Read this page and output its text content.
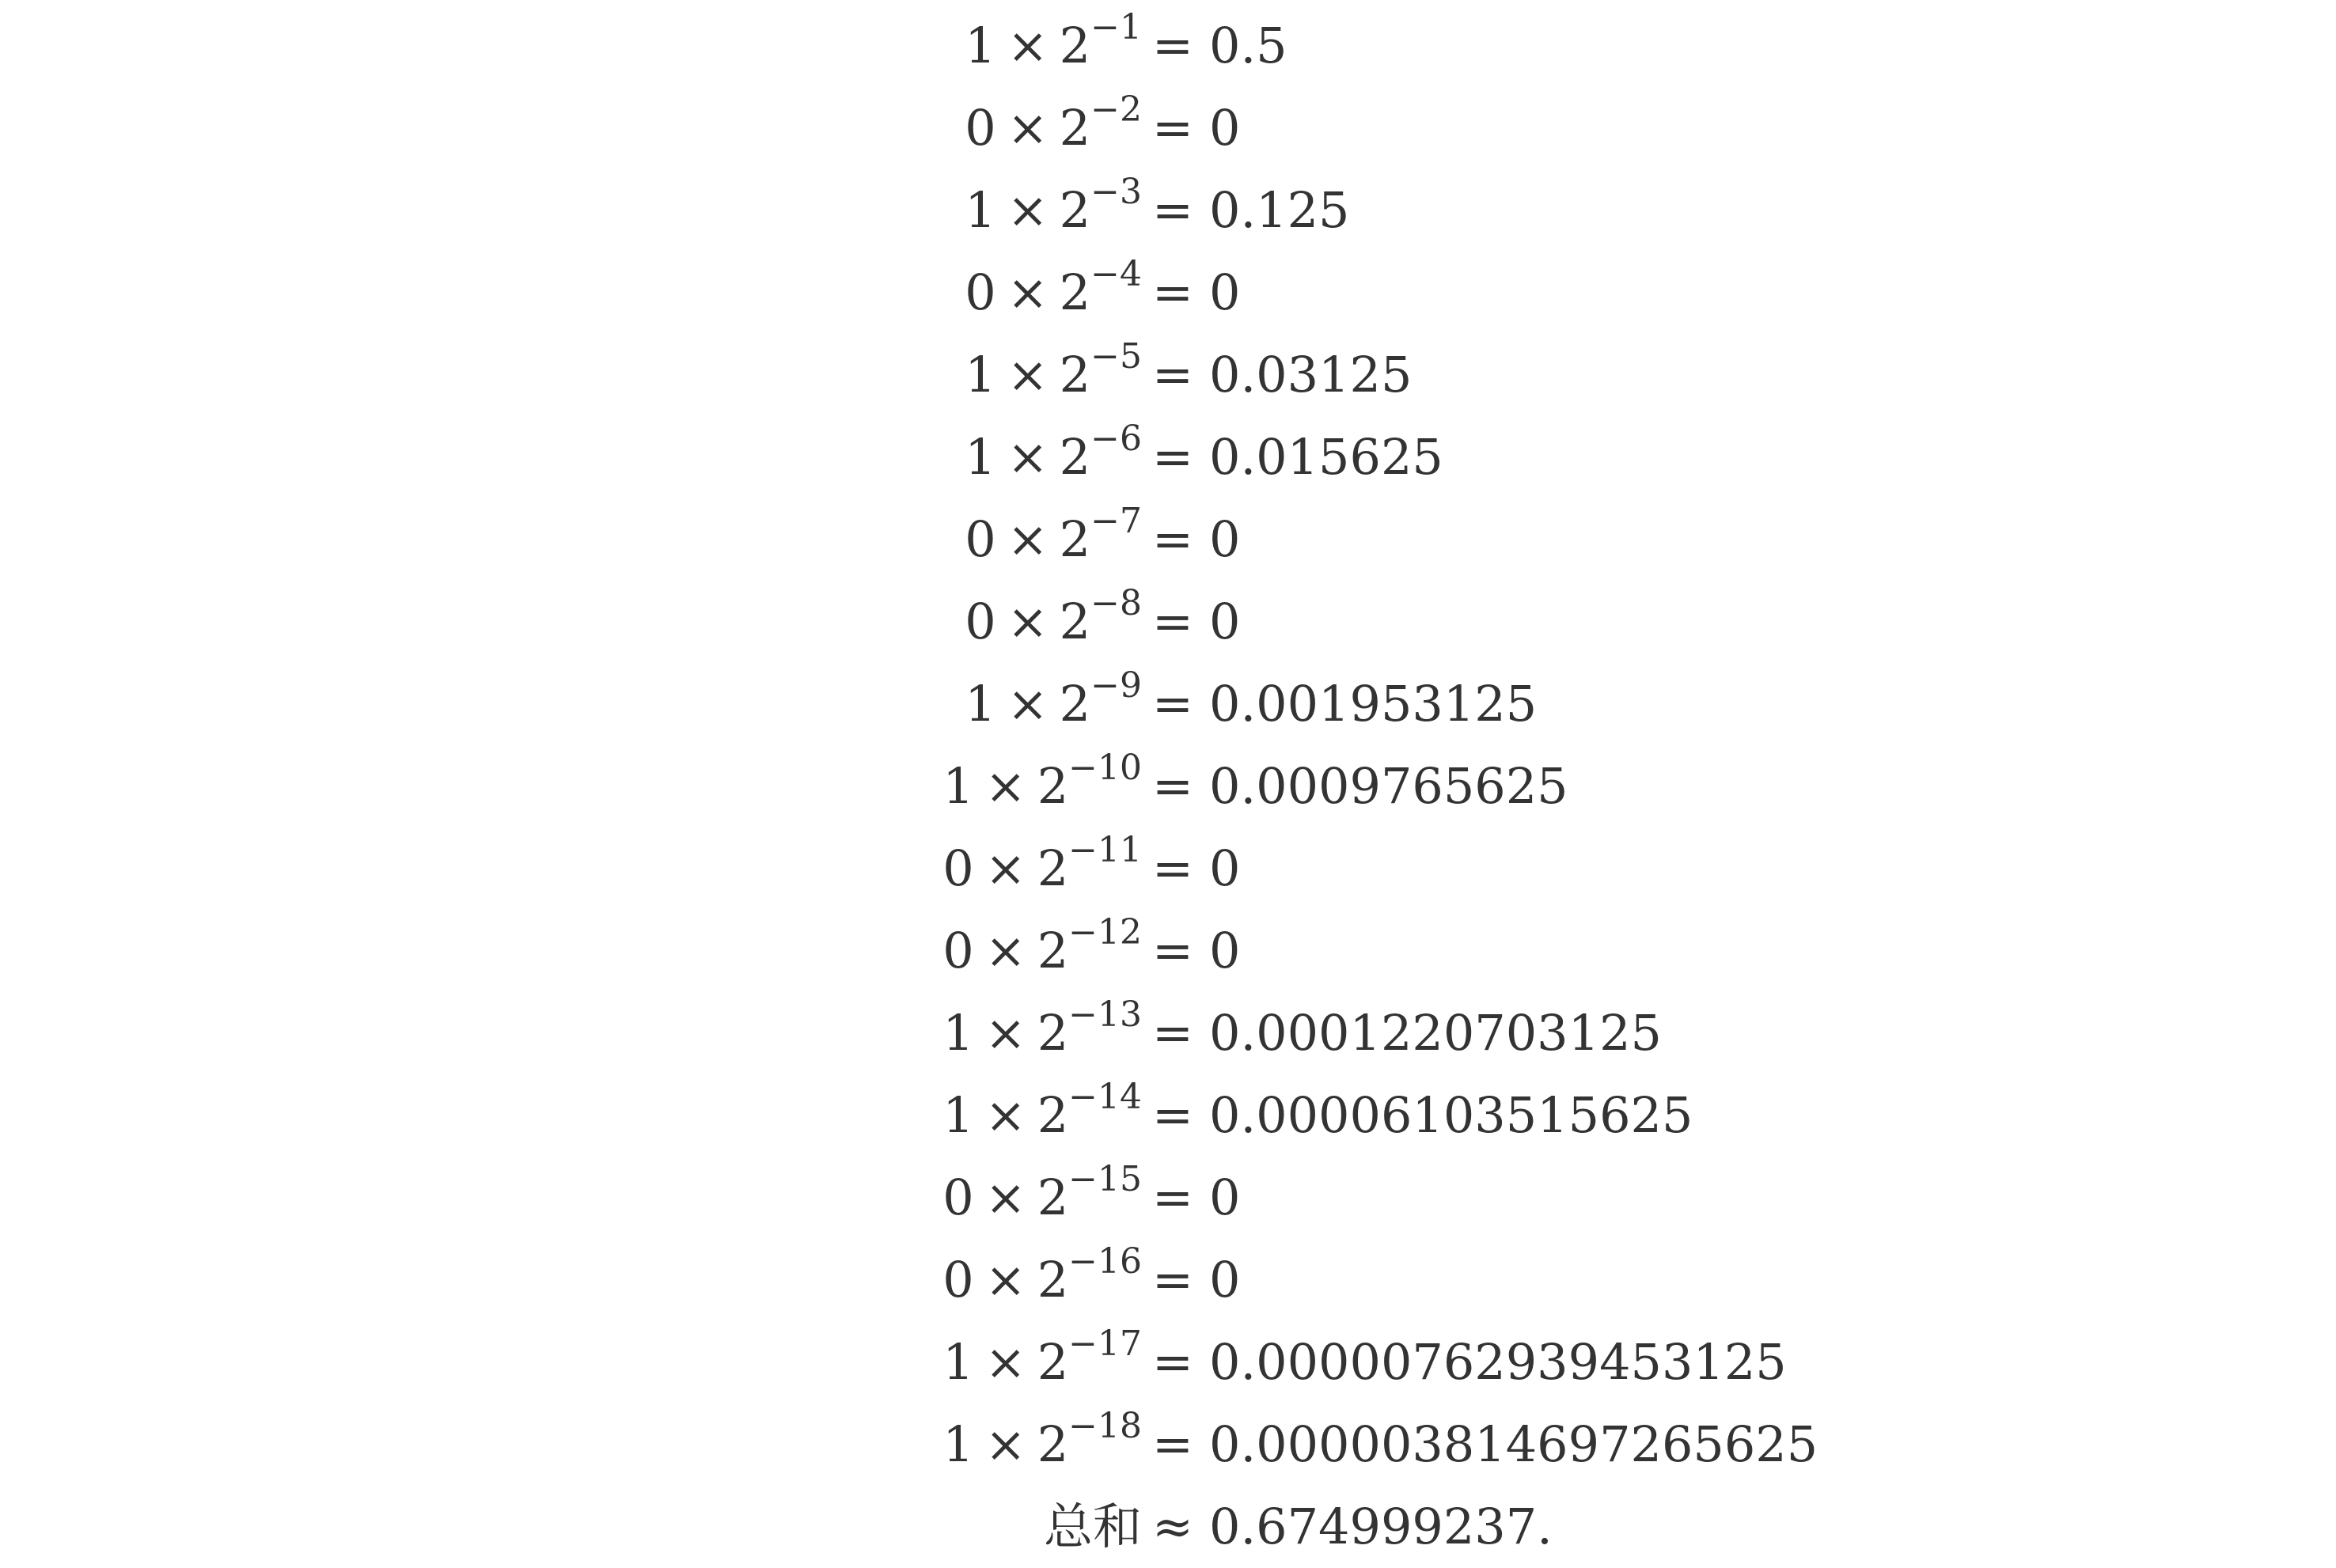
$1 \times 2^{-1} = 0.5$
$0 \times 2^{-2} = 0$
$1 \times 2^{-3} = 0.125$
$0 \times 2^{-4} = 0$
$1 \times 2^{-5} = 0.03125$
$1 \times 2^{-6} = 0.015625$
$0 \times 2^{-7} = 0$
$0 \times 2^{-8} = 0$
$1 \times 2^{-9} = 0.001953125$
$1 \times 2^{-10} = 0.0009765625$
$0 \times 2^{-11} = 0$
$0 \times 2^{-12} = 0$
$1 \times 2^{-13} = 0.0001220703125$
$1 \times 2^{-14} = 0.00006103515625$
$0 \times 2^{-15} = 0$
$0 \times 2^{-16} = 0$
$1 \times 2^{-17} = 0.00000762939453125$
$1 \times 2^{-18} = 0.000003814697265625$
总和 ≈ 0.674999237.
